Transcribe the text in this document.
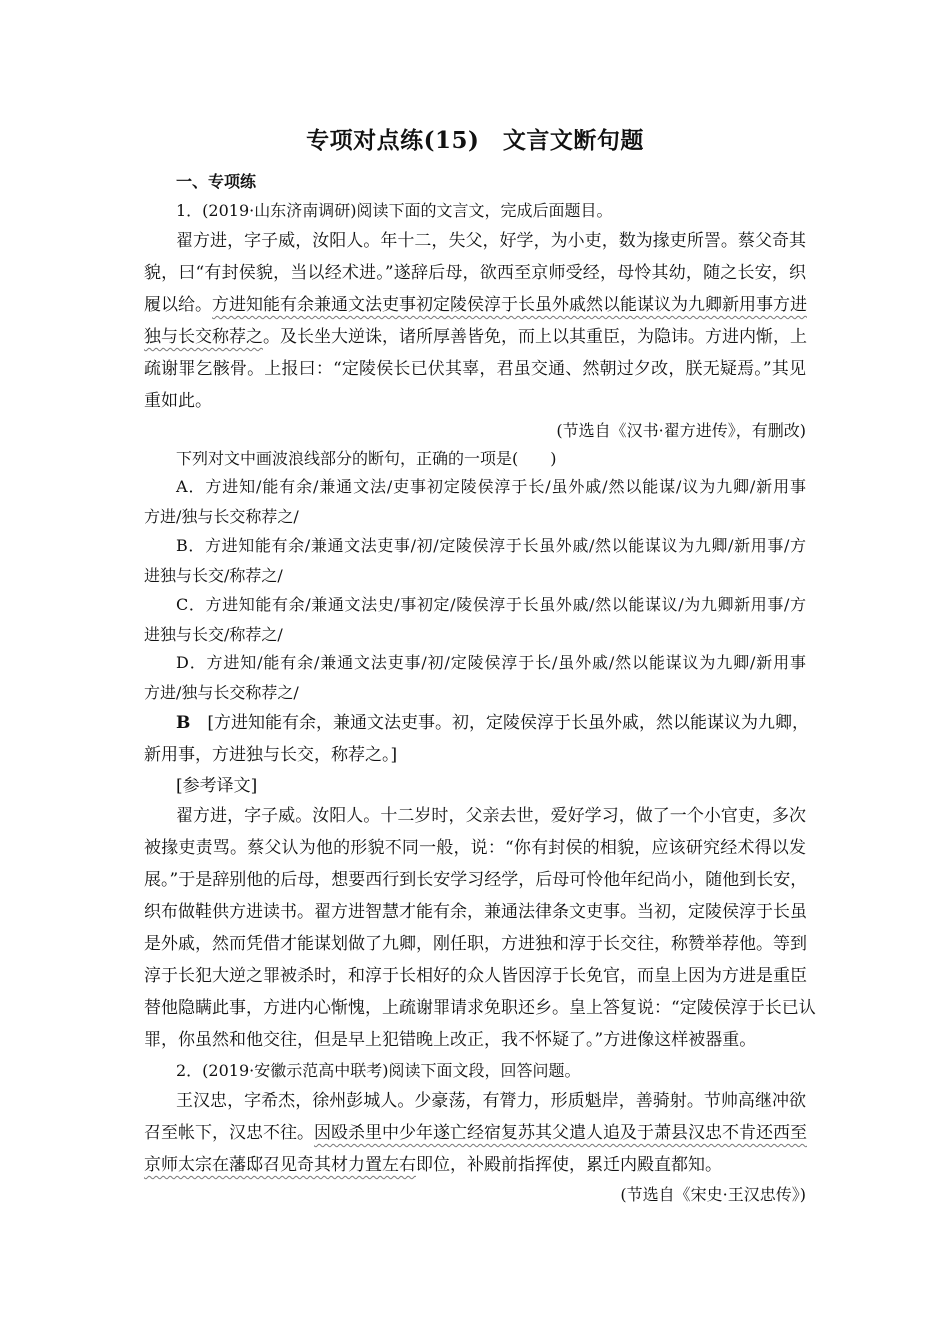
专项对点练(15)　 文言文断句题
一、专项练
1．(2019·山东济南调研)阅读下面的文言文，完成后面题目。
翟方进，字子威，汝阳人。年十二，失父，好学，为小吏，数为掾吏所詈。蔡父奇其
貌，曰“有封侯貌，当以经术进。”遂辞后母，欲西至京师受经，母怜其幼，随之长安，织
履以给。方进知能有余兼通文法吏事初定陵侯淳于长虽外戚然以能谋议为九卿新用事方进
独与长交称荐之。及长坐大逆诛，诸所厚善皆免，而上以其重臣，为隐讳。方进内惭，上
疏谢罪乞骸骨。上报曰：“定陵侯长已伏其辜，君虽交通、然朝过夕改，朕无疑焉。”其见
重如此。
(节选自《汉书·翟方进传》，有删改)
下列对文中画波浪线部分的断句，正确的一项是(　　)
A．方进知/能有余/兼通文法/吏事初定陵侯淳于长/虽外戚/然以能谋/议为九卿/新用事
方进/独与长交称荐之/
B．方进知能有余/兼通文法吏事/初/定陵侯淳于长虽外戚/然以能谋议为九卿/新用事/方
进独与长交/称荐之/
C．方进知能有余/兼通文法史/事初定/陵侯淳于长虽外戚/然以能谋议/为九卿新用事/方
进独与长交/称荐之/
D．方进知/能有余/兼通文法吏事/初/定陵侯淳于长/虽外戚/然以能谋议为九卿/新用事
方进/独与长交称荐之/
B　 [方进知能有余，兼通文法吏事。初，定陵侯淳于长虽外戚，然以能谋议为九卿，
新用事，方进独与长交，称荐之。]
[参考译文]
翟方进，字子威。汝阳人。十二岁时，父亲去世，爱好学习，做了一个小官吏，多次
被掾吏责骂。蔡父认为他的形貌不同一般，说：“你有封侯的相貌，应该研究经术得以发
展。”于是辞别他的后母，想要西行到长安学习经学，后母可怜他年纪尚小，随他到长安，
织布做鞋供方进读书。翟方进智慧才能有余，兼通法律条文吏事。当初，定陵侯淳于长虽
是外戚，然而凭借才能谋划做了九卿，刚任职，方进独和淳于长交往，称赞举荐他。等到
淳于长犯大逆之罪被杀时，和淳于长相好的众人皆因淳于长免官，而皇上因为方进是重臣
替他隐瞒此事，方进内心惭愧，上疏谢罪请求免职还乡。皇上答复说：“定陵侯淳于长已认
罪，你虽然和他交往，但是早上犯错晚上改正，我不怀疑了。”方进像这样被器重。
2．(2019·安徽示范高中联考)阅读下面文段，回答问题。
王汉忠，字希杰，徐州彭城人。少豪荡，有膂力，形质魁岸，善骑射。节帅高继冲欲
召至帐下，汉忠不往。因殴杀里中少年遂亡经宿复苏其父遣人追及于萧县汉忠不肯还西至
京师太宗在藩邸召见奇其材力置左右即位，补殿前指挥使，累迁内殿直都知。
(节选自《宋史·王汉忠传》)
